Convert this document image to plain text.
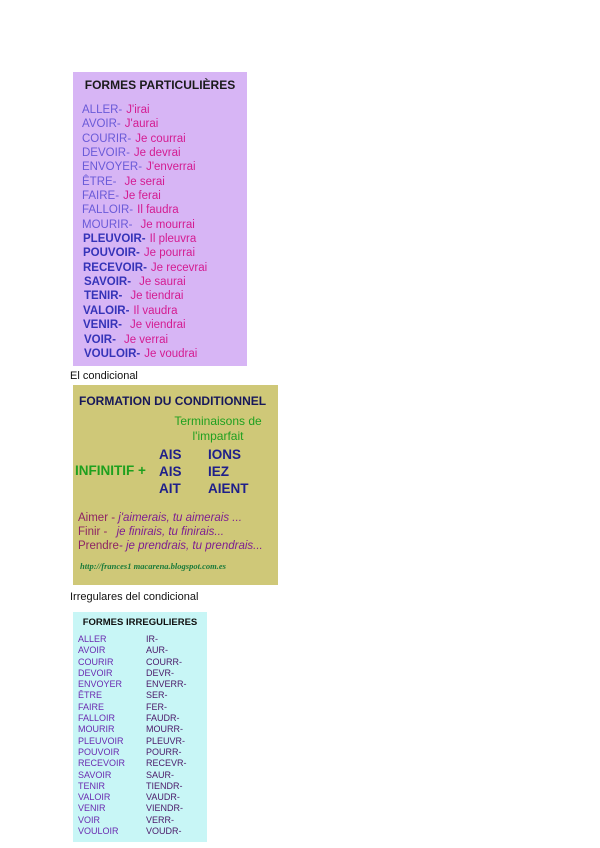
FORMES PARTICULIÈRES
ALLER- J'irai
AVOIR- J'aurai
COURIR- Je courrai
DEVOIR- Je devrai
ENVOYER- J'enverrai
ÊTRE- Je serai
FAIRE- Je ferai
FALLOIR- Il faudra
MOURIR- Je mourrai
PLEUVOIR- Il pleuvra
POUVOIR- Je pourrai
RECEVOIR- Je recevrai
SAVOIR- Je saurai
TENIR- Je tiendrai
VALOIR- Il vaudra
VENIR- Je viendrai
VOIR- Je verrai
VOULOIR- Je voudrai
El condicional
FORMATION DU CONDITIONNEL
Terminaisons de
l'imparfait
INFINITIF +
AIS IONS
AIS IEZ
AIT AIENT
Aimer - j'aimerais, tu aimerais ...
Finir - je finirais, tu finirais...
Prendre- je prendrais, tu prendrais...
http://frances1 macarena.blogspot.com.es
Irregulares del condicional
FORMES IRREGULIERES
ALLER	IR-
AVOIR	AUR-
COURIR	COURR-
DEVOIR	DEVR-
ENVOYER	ENVERR-
ÊTRE	SER-
FAIRE	FER-
FALLOIR	FAUDR-
MOURIR	MOURR-
PLEUVOIR PLEUVR-
POUVOIR	POURR-
RECEVOIR RECEVR-
SAVOIR	SAUR-
TENIR	TIENDR-
VALOIR	VAUDR-
VENIR	VIENDR-
VOIR	VERR-
VOULOIR	VOUDR-
